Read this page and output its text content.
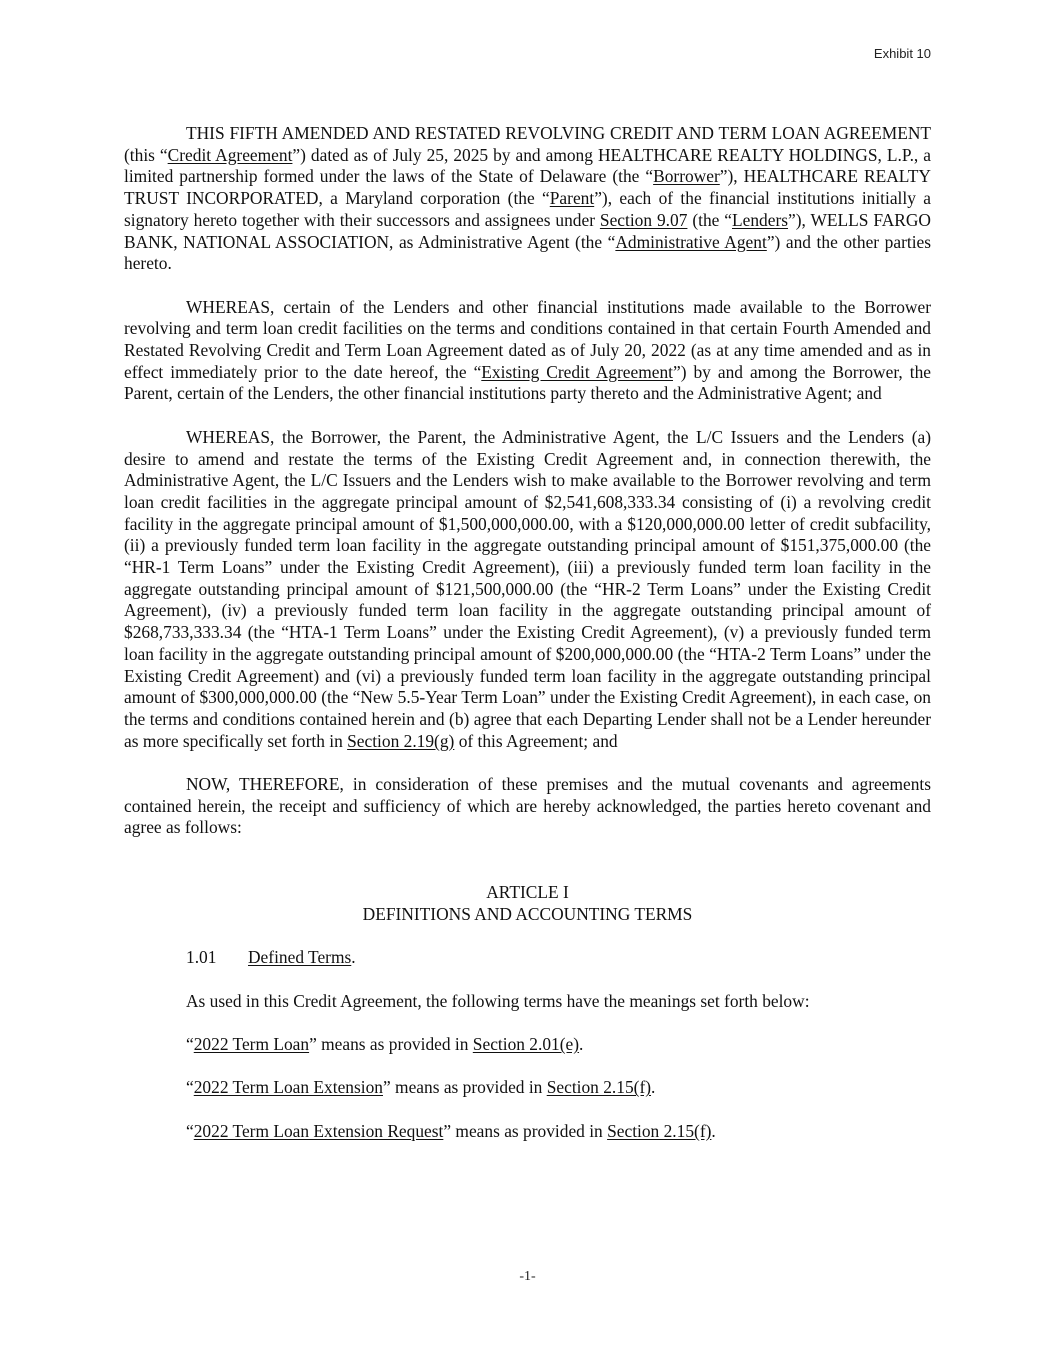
Exhibit 10

THIS FIFTH AMENDED AND RESTATED REVOLVING CREDIT AND TERM LOAN AGREEMENT (this “Credit Agreement”) dated as of July 25, 2025 by and among HEALTHCARE REALTY HOLDINGS, L.P., a limited partnership formed under the laws of the State of Delaware (the “Borrower”), HEALTHCARE REALTY TRUST INCORPORATED, a Maryland corporation (the “Parent”), each of the financial institutions initially a signatory hereto together with their successors and assignees under Section 9.07 (the “Lenders”), WELLS FARGO BANK, NATIONAL ASSOCIATION, as Administrative Agent (the “Administrative Agent”) and the other parties hereto.

WHEREAS, certain of the Lenders and other financial institutions made available to the Borrower revolving and term loan credit facilities on the terms and conditions contained in that certain Fourth Amended and Restated Revolving Credit and Term Loan Agreement dated as of July 20, 2022 (as at any time amended and as in effect immediately prior to the date hereof, the “Existing Credit Agreement”) by and among the Borrower, the Parent, certain of the Lenders, the other financial institutions party thereto and the Administrative Agent; and

WHEREAS, the Borrower, the Parent, the Administrative Agent, the L/C Issuers and the Lenders (a) desire to amend and restate the terms of the Existing Credit Agreement and, in connection therewith, the Administrative Agent, the L/C Issuers and the Lenders wish to make available to the Borrower revolving and term loan credit facilities in the aggregate principal amount of $2,541,608,333.34 consisting of (i) a revolving credit facility in the aggregate principal amount of $1,500,000,000.00, with a $120,000,000.00 letter of credit subfacility, (ii) a previously funded term loan facility in the aggregate outstanding principal amount of $151,375,000.00 (the “HR-1 Term Loans” under the Existing Credit Agreement), (iii) a previously funded term loan facility in the aggregate outstanding principal amount of $121,500,000.00 (the “HR-2 Term Loans” under the Existing Credit Agreement), (iv) a previously funded term loan facility in the aggregate outstanding principal amount of $268,733,333.34 (the “HTA-1 Term Loans” under the Existing Credit Agreement), (v) a previously funded term loan facility in the aggregate outstanding principal amount of $200,000,000.00 (the “HTA-2 Term Loans” under the Existing Credit Agreement) and (vi) a previously funded term loan facility in the aggregate outstanding principal amount of $300,000,000.00 (the “New 5.5-Year Term Loan” under the Existing Credit Agreement), in each case, on the terms and conditions contained herein and (b) agree that each Departing Lender shall not be a Lender hereunder as more specifically set forth in Section 2.19(g) of this Agreement; and

NOW, THEREFORE, in consideration of these premises and the mutual covenants and agreements contained herein, the receipt and sufficiency of which are hereby acknowledged, the parties hereto covenant and agree as follows:

ARTICLE I

DEFINITIONS AND ACCOUNTING TERMS

1.01 Defined Terms.

As used in this Credit Agreement, the following terms have the meanings set forth below:

“2022 Term Loan” means as provided in Section 2.01(e).

“2022 Term Loan Extension” means as provided in Section 2.15(f).

“2022 Term Loan Extension Request” means as provided in Section 2.15(f).

-1-
